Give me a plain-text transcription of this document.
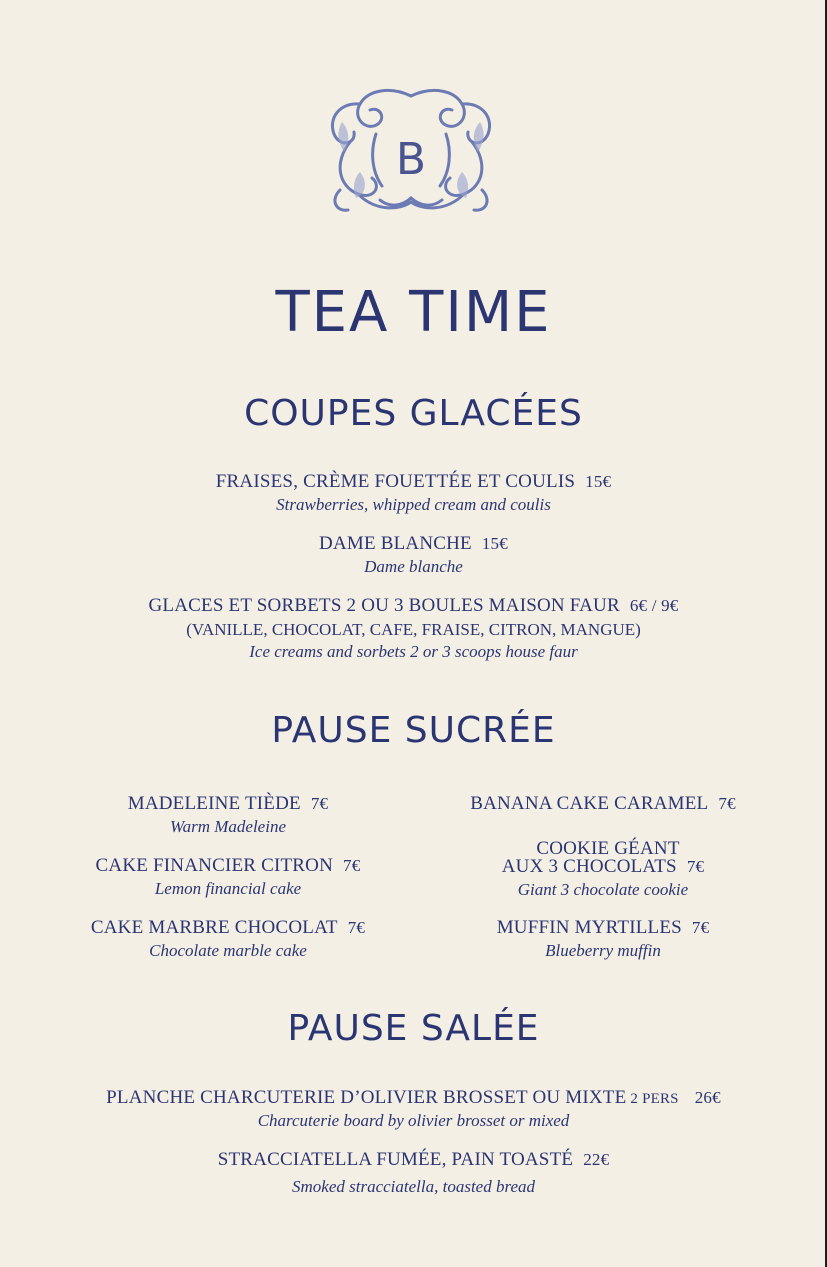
B
TEA TIME
COUPES GLACÉES
FRAISES, CRÈME FOUETTÉE ET COULIS 15€
Strawberries, whipped cream and coulis
DAME BLANCHE 15€
Dame blanche
GLACES ET SORBETS 2 OU 3 BOULES MAISON FAUR 6€ / 9€
(VANILLE, CHOCOLAT, CAFE, FRAISE, CITRON, MANGUE)
Ice creams and sorbets 2 or 3 scoops house faur
PAUSE SUCRÉE
MADELEINE TIÈDE 7€
Warm Madeleine
CAKE FINANCIER CITRON 7€
Lemon financial cake
CAKE MARBRE CHOCOLAT 7€
Chocolate marble cake
BANANA CAKE CARAMEL 7€
COOKIE GÉANT
AUX 3 CHOCOLATS 7€
Giant 3 chocolate cookie
MUFFIN MYRTILLES 7€
Blueberry muffin
PAUSE SALÉE
PLANCHE CHARCUTERIE D’OLIVIER BROSSET OU MIXTE 2 PERS 26€
Charcuterie board by olivier brosset or mixed
STRACCIATELLA FUMÉE, PAIN TOASTÉ 22€
Smoked stracciatella, toasted bread
